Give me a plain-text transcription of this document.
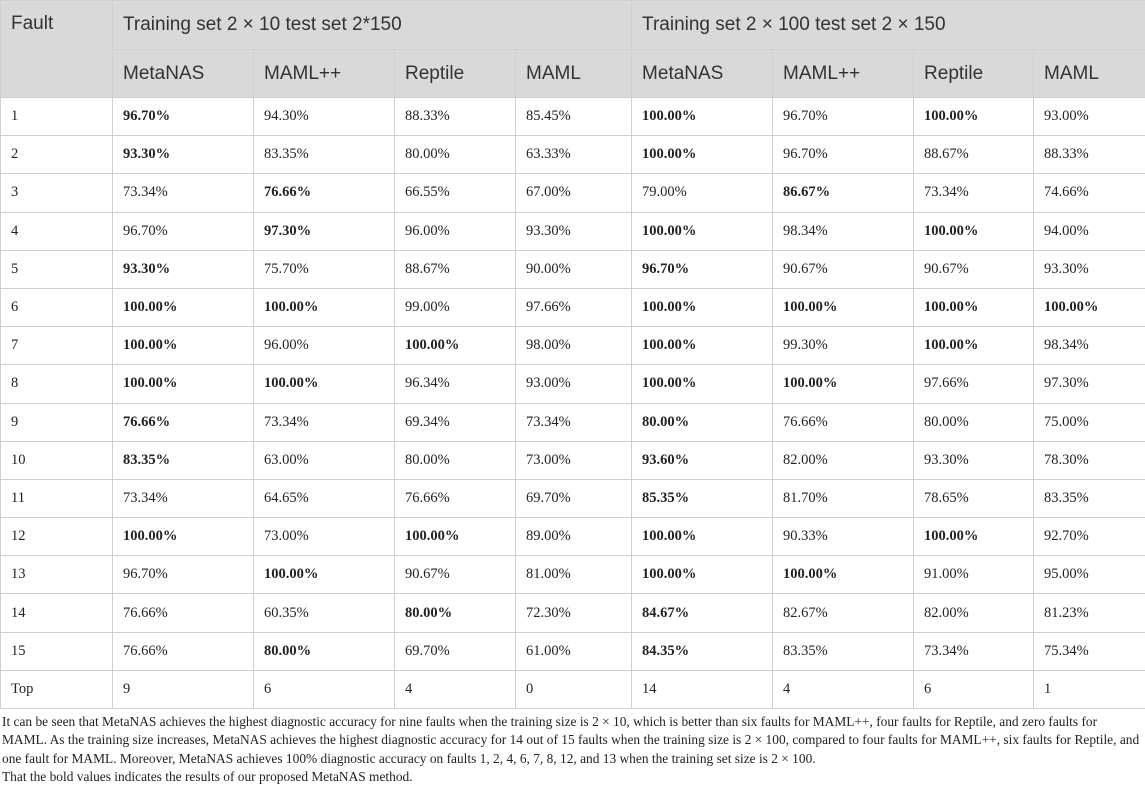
Fault	Training set 2 × 10 test set 2*150				Training set 2 × 100 test set 2 × 150			
	MetaNAS	MAML++	Reptile	MAML	MetaNAS	MAML++	Reptile	MAML
1	96.70%	94.30%	88.33%	85.45%	100.00%	96.70%	100.00%	93.00%
2	93.30%	83.35%	80.00%	63.33%	100.00%	96.70%	88.67%	88.33%
3	73.34%	76.66%	66.55%	67.00%	79.00%	86.67%	73.34%	74.66%
4	96.70%	97.30%	96.00%	93.30%	100.00%	98.34%	100.00%	94.00%
5	93.30%	75.70%	88.67%	90.00%	96.70%	90.67%	90.67%	93.30%
6	100.00%	100.00%	99.00%	97.66%	100.00%	100.00%	100.00%	100.00%
7	100.00%	96.00%	100.00%	98.00%	100.00%	99.30%	100.00%	98.34%
8	100.00%	100.00%	96.34%	93.00%	100.00%	100.00%	97.66%	97.30%
9	76.66%	73.34%	69.34%	73.34%	80.00%	76.66%	80.00%	75.00%
10	83.35%	63.00%	80.00%	73.00%	93.60%	82.00%	93.30%	78.30%
11	73.34%	64.65%	76.66%	69.70%	85.35%	81.70%	78.65%	83.35%
12	100.00%	73.00%	100.00%	89.00%	100.00%	90.33%	100.00%	92.70%
13	96.70%	100.00%	90.67%	81.00%	100.00%	100.00%	91.00%	95.00%
14	76.66%	60.35%	80.00%	72.30%	84.67%	82.67%	82.00%	81.23%
15	76.66%	80.00%	69.70%	61.00%	84.35%	83.35%	73.34%	75.34%
Top	9	6	4	0	14	4	6	1

It can be seen that MetaNAS achieves the highest diagnostic accuracy for nine faults when the training size is 2 × 10, which is better than six faults for MAML++, four faults for Reptile, and zero faults for MAML. As the training size increases, MetaNAS achieves the highest diagnostic accuracy for 14 out of 15 faults when the training size is 2 × 100, compared to four faults for MAML++, six faults for Reptile, and one fault for MAML. Moreover, MetaNAS achieves 100% diagnostic accuracy on faults 1, 2, 4, 6, 7, 8, 12, and 13 when the training set size is 2 × 100.

That the bold values indicates the results of our proposed MetaNAS method.
